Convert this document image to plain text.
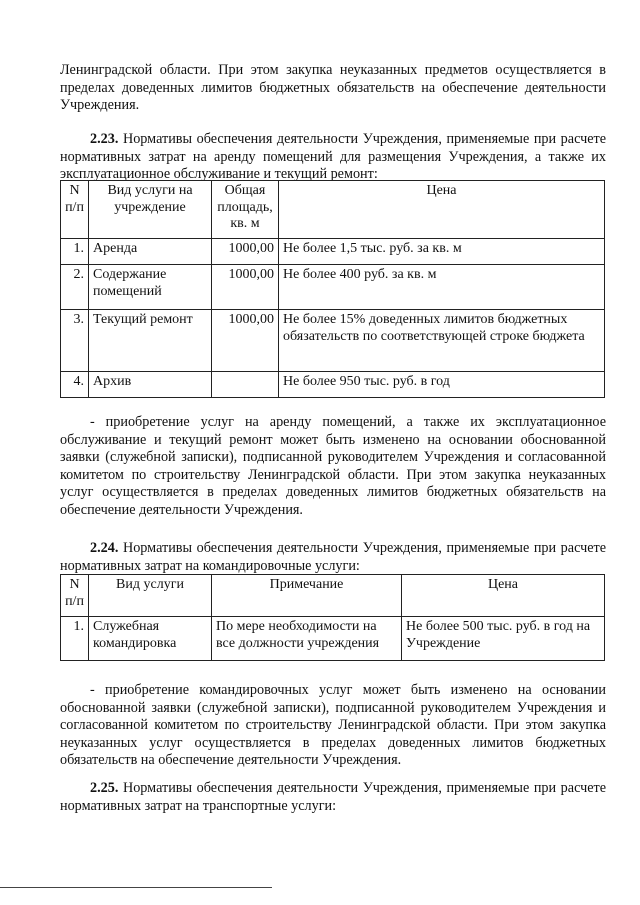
Ленинградской области. При этом закупка неуказанных предметов осуществляется в пределах доведенных лимитов бюджетных обязательств на обеспечение деятельности Учреждения.

2.23. Нормативы обеспечения деятельности Учреждения, применяемые при расчете нормативных затрат на аренду помещений для размещения Учреждения, а также их эксплуатационное обслуживание и текущий ремонт:

N п/п	Вид услуги на учреждение	Общая площадь, кв. м	Цена
1.	Аренда	1000,00	Не более 1,5 тыс. руб. за кв. м
2.	Содержание помещений	1000,00	Не более 400 руб. за кв. м
3.	Текущий ремонт	1000,00	Не более 15% доведенных лимитов бюджетных обязательств по соответствующей строке бюджета
4.	Архив		Не более 950 тыс. руб. в год

- приобретение услуг на аренду помещений, а также их эксплуатационное обслуживание и текущий ремонт может быть изменено на основании обоснованной заявки (служебной записки), подписанной руководителем Учреждения и согласованной комитетом по строительству Ленинградской области. При этом закупка неуказанных услуг осуществляется в пределах доведенных лимитов бюджетных обязательств на обеспечение деятельности Учреждения.

2.24. Нормативы обеспечения деятельности Учреждения, применяемые при расчете нормативных затрат на командировочные услуги:

N п/п	Вид услуги	Примечание	Цена
1.	Служебная командировка	По мере необходимости на все должности учреждения	Не более 500 тыс. руб. в год на Учреждение

- приобретение командировочных услуг может быть изменено на основании обоснованной заявки (служебной записки), подписанной руководителем Учреждения и согласованной комитетом по строительству Ленинградской области. При этом закупка неуказанных услуг осуществляется в пределах доведенных лимитов бюджетных обязательств на обеспечение деятельности Учреждения.

2.25. Нормативы обеспечения деятельности Учреждения, применяемые при расчете нормативных затрат на транспортные услуги:
